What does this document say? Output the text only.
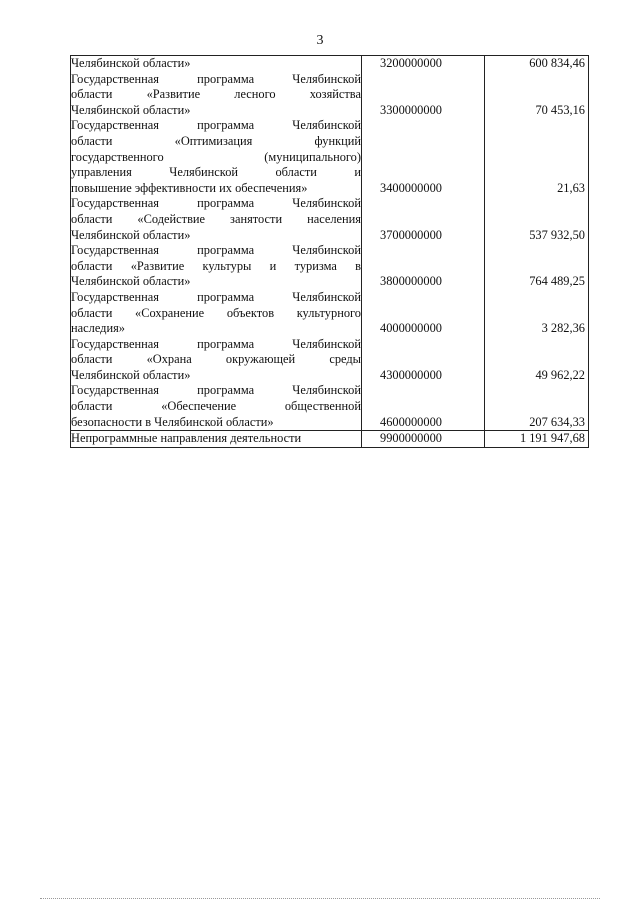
3
Челябинской области»	3200000000	600 834,46

Государственная программа Челябинской
области «Развитие лесного хозяйства
Челябинской области»	3300000000	70 453,16

Государственная программа Челябинской
области «Оптимизация функций
государственного (муниципального)
управления Челябинской области и
повышение эффективности их обеспечения»	3400000000	21,63

Государственная программа Челябинской
области «Содействие занятости населения
Челябинской области»	3700000000	537 932,50

Государственная программа Челябинской
области «Развитие культуры и туризма в
Челябинской области»	3800000000	764 489,25

Государственная программа Челябинской
области «Сохранение объектов культурного
наследия»	4000000000	3 282,36

Государственная программа Челябинской
области «Охрана окружающей среды
Челябинской области»	4300000000	49 962,22

Государственная программа Челябинской
области «Обеспечение общественной
безопасности в Челябинской области»	4600000000	207 634,33

Непрограммные направления деятельности	9900000000	1 191 947,68
